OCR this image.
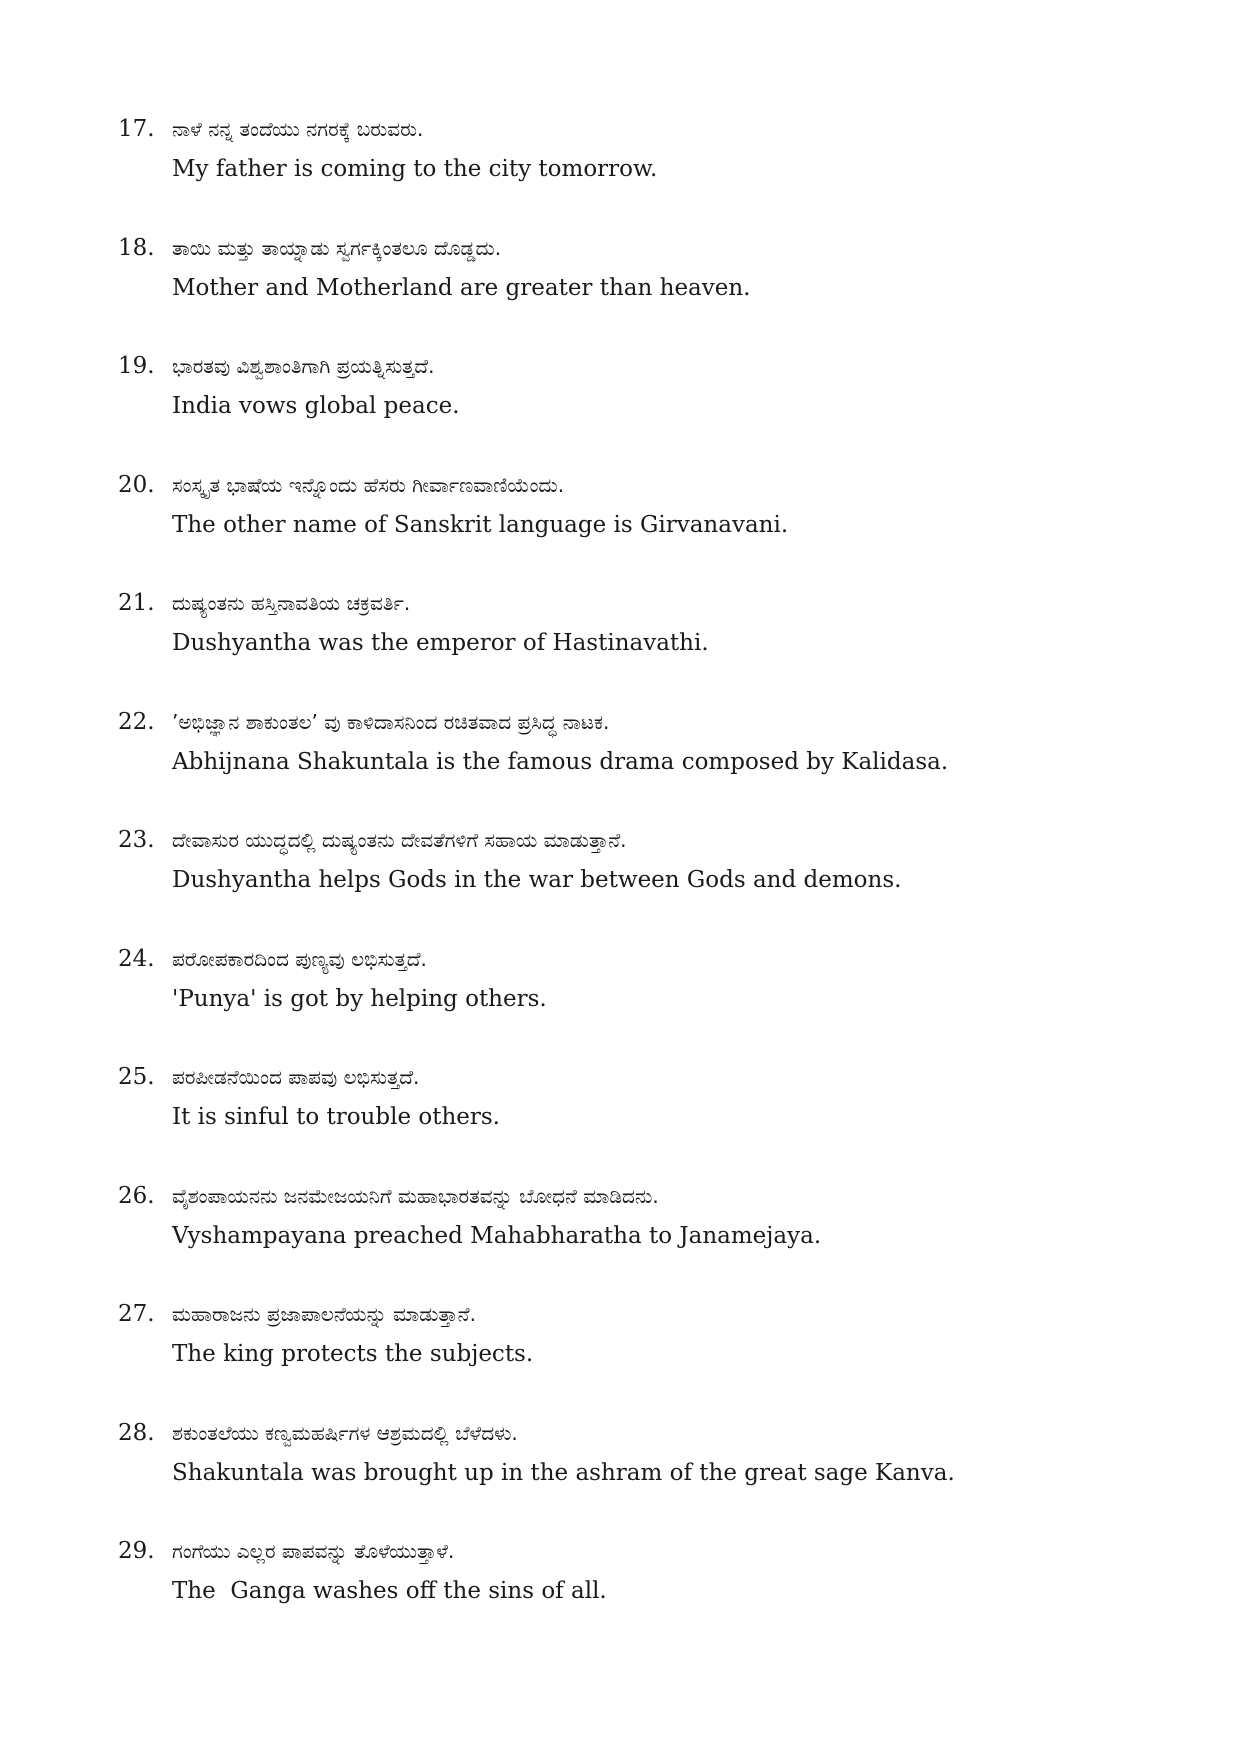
17. ನಾಳೆ ನನ್ನ ತಂದೆಯು ನಗರಕ್ಕೆ ಬರುವರು.
My father is coming to the city tomorrow.
18. ತಾಯಿ ಮತ್ತು ತಾಯ್ನಾಡು ಸ್ವರ್ಗಕ್ಕಿಂತಲೂ ದೊಡ್ಡದು.
Mother and Motherland are greater than heaven.
19. ಭಾರತವು ವಿಶ್ವಶಾಂತಿಗಾಗಿ ಪ್ರಯತ್ನಿಸುತ್ತದೆ.
India vows global peace.
20. ಸಂಸ್ಕೃತ ಭಾಷೆಯ ಇನ್ನೊಂದು ಹೆಸರು ಗೀರ್ವಾಣವಾಣಿಯೆಂದು.
The other name of Sanskrit language is Girvanavani.
21. ದುಷ್ಯಂತನು ಹಸ್ತಿನಾವತಿಯ ಚಕ್ರವರ್ತಿ.
Dushyantha was the emperor of Hastinavathi.
22. ’ಅಭಿಜ್ಞಾನ ಶಾಕುಂತಲ’ ವು ಕಾಳಿದಾಸನಿಂದ ರಚಿತವಾದ ಪ್ರಸಿದ್ಧ ನಾಟಕ.
Abhijnana Shakuntala is the famous drama composed by Kalidasa.
23. ದೇವಾಸುರ ಯುದ್ಧದಲ್ಲಿ ದುಷ್ಯಂತನು ದೇವತೆಗಳಿಗೆ ಸಹಾಯ ಮಾಡುತ್ತಾನೆ.
Dushyantha helps Gods in the war between Gods and demons.
24. ಪರೋಪಕಾರದಿಂದ ಪುಣ್ಯವು ಲಭಿಸುತ್ತದೆ.
'Punya' is got by helping others.
25. ಪರಪೀಡನೆಯಿಂದ ಪಾಪವು ಲಭಿಸುತ್ತದೆ.
It is sinful to trouble others.
26. ವೈಶಂಪಾಯನನು ಜನಮೇಜಯನಿಗೆ ಮಹಾಭಾರತವನ್ನು ಬೋಧನೆ ಮಾಡಿದನು.
Vyshampayana preached Mahabharatha to Janamejaya.
27. ಮಹಾರಾಜನು ಪ್ರಜಾಪಾಲನೆಯನ್ನು ಮಾಡುತ್ತಾನೆ.
The king protects the subjects.
28. ಶಕುಂತಲೆಯು ಕಣ್ವಮಹರ್ಷಿಗಳ ಆಶ್ರಮದಲ್ಲಿ ಬೆಳೆದಳು.
Shakuntala was brought up in the ashram of the great sage Kanva.
29. ಗಂಗೆಯು ಎಲ್ಲರ ಪಾಪವನ್ನು ತೊಳೆಯುತ್ತಾಳೆ.
The  Ganga washes off the sins of all.
